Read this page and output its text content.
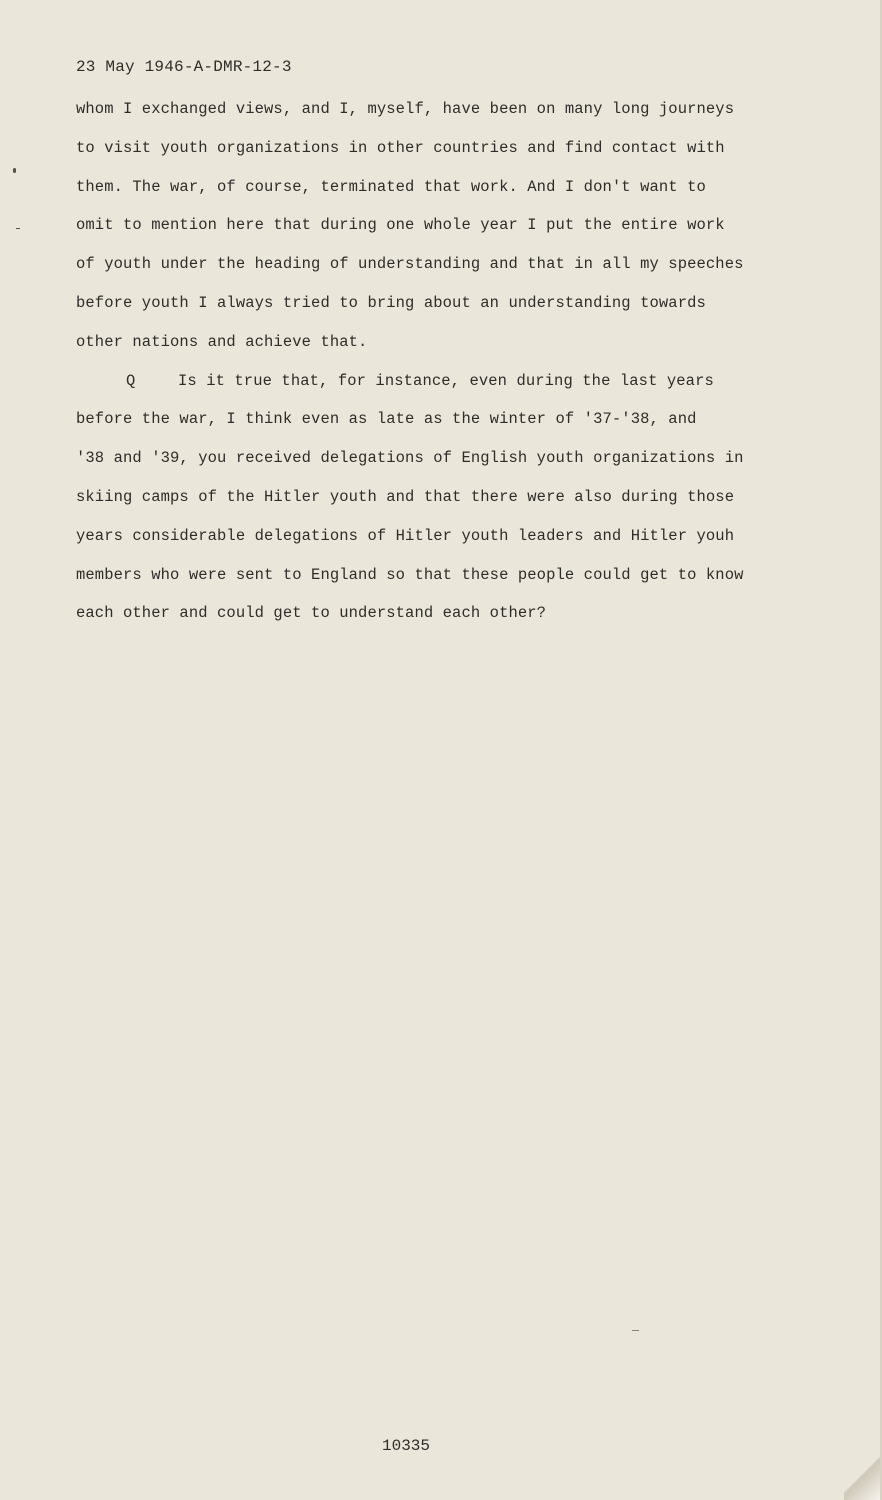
23 May 1946-A-DMR-12-3
whom I exchanged views, and I, myself, have been on many long journeys
to visit youth organizations in other countries and find contact with
them. The war, of course, terminated that work. And I don't want to
omit to mention here that during one whole year I put the entire work
of youth under the heading of understanding and that in all my speeches
before youth I always tried to bring about an understanding towards
other nations and achieve that.
Q	Is it true that, for instance, even during the last years
before the war, I think even as late as the winter of '37-'38, and
'38 and '39, you received delegations of English youth organizations in
skiing camps of the Hitler youth and that there were also during those
years considerable delegations of Hitler youth leaders and Hitler youh
members who were sent to England so that these people could get to know
each other and could get to understand each other?
10335
